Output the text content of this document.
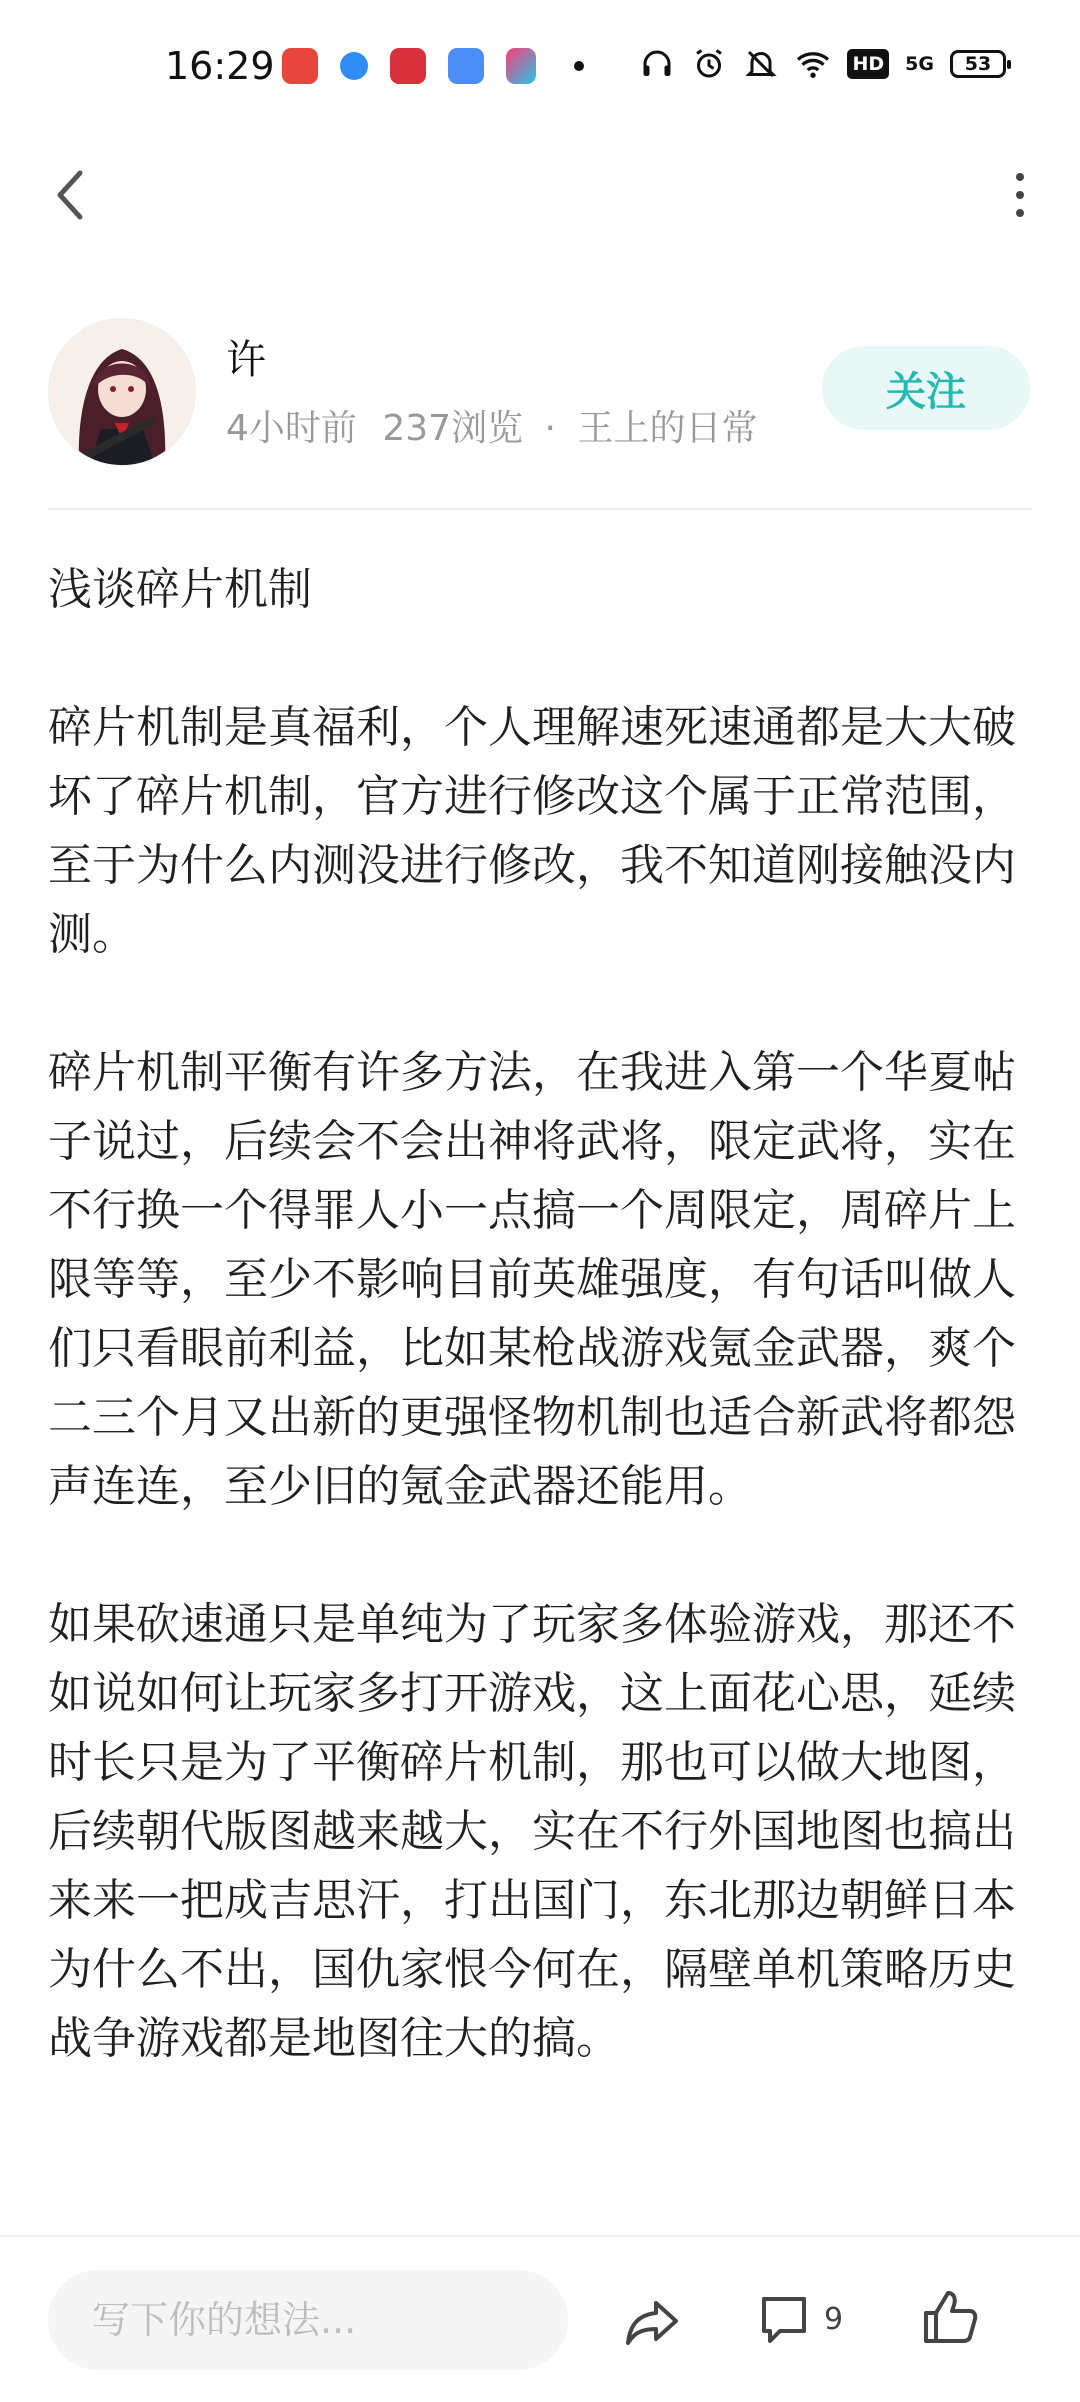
16:29	HD 5G 53
许
4小时前 237浏览 · 王上的日常
关注

浅谈碎片机制

碎片机制是真福利，个人理解速死速通都是大大破坏了碎片机制，官方进行修改这个属于正常范围，至于为什么内测没进行修改，我不知道刚接触没内测。

碎片机制平衡有许多方法，在我进入第一个华夏帖子说过，后续会不会出神将武将，限定武将，实在不行换一个得罪人小一点搞一个周限定，周碎片上限等等，至少不影响目前英雄强度，有句话叫做人们只看眼前利益，比如某枪战游戏氪金武器，爽个二三个月又出新的更强怪物机制也适合新武将都怨声连连，至少旧的氪金武器还能用。

如果砍速通只是单纯为了玩家多体验游戏，那还不如说如何让玩家多打开游戏，这上面花心思，延续时长只是为了平衡碎片机制，那也可以做大地图，后续朝代版图越来越大，实在不行外国地图也搞出来来一把成吉思汗，打出国门，东北那边朝鲜日本为什么不出，国仇家恨今何在，隔壁单机策略历史战争游戏都是地图往大的搞。

写下你的想法...
9
